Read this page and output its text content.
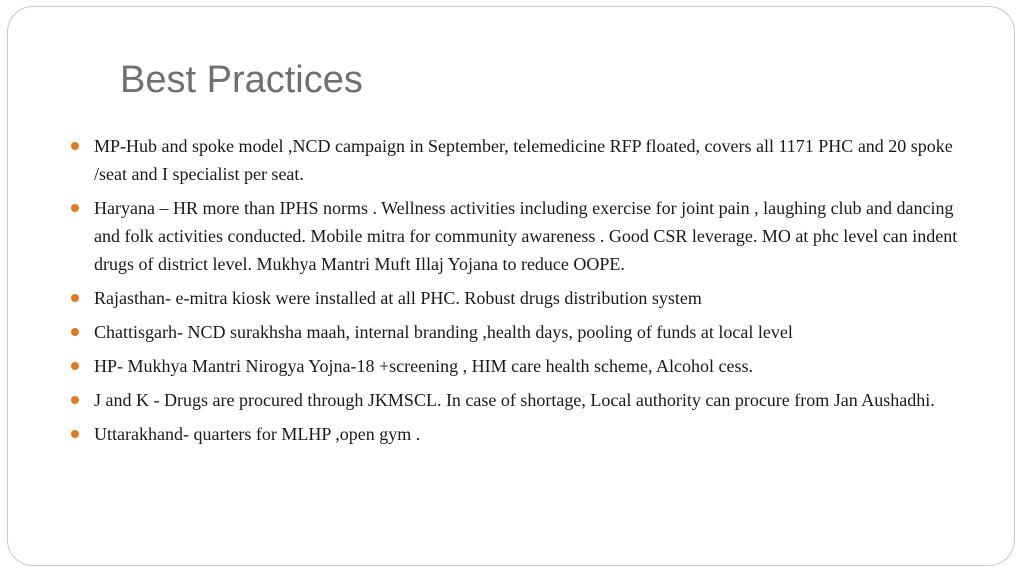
Best Practices
MP-Hub and spoke model ,NCD campaign in September, telemedicine RFP floated, covers all 1171 PHC and 20 spoke /seat and I specialist per seat.
Haryana – HR more than IPHS norms . Wellness activities including exercise for joint pain , laughing club and dancing and folk activities conducted. Mobile mitra for community awareness . Good CSR leverage. MO at phc level can indent drugs of district level. Mukhya Mantri Muft Illaj Yojana to reduce OOPE.
Rajasthan- e-mitra kiosk were installed at all PHC. Robust drugs distribution system
Chattisgarh- NCD surakhsha maah, internal branding ,health days, pooling of funds at local level
HP- Mukhya Mantri Nirogya Yojna-18 +screening , HIM care health scheme, Alcohol cess.
J and K - Drugs are procured through JKMSCL. In case of shortage, Local authority can procure from Jan Aushadhi.
Uttarakhand- quarters for MLHP ,open gym .
